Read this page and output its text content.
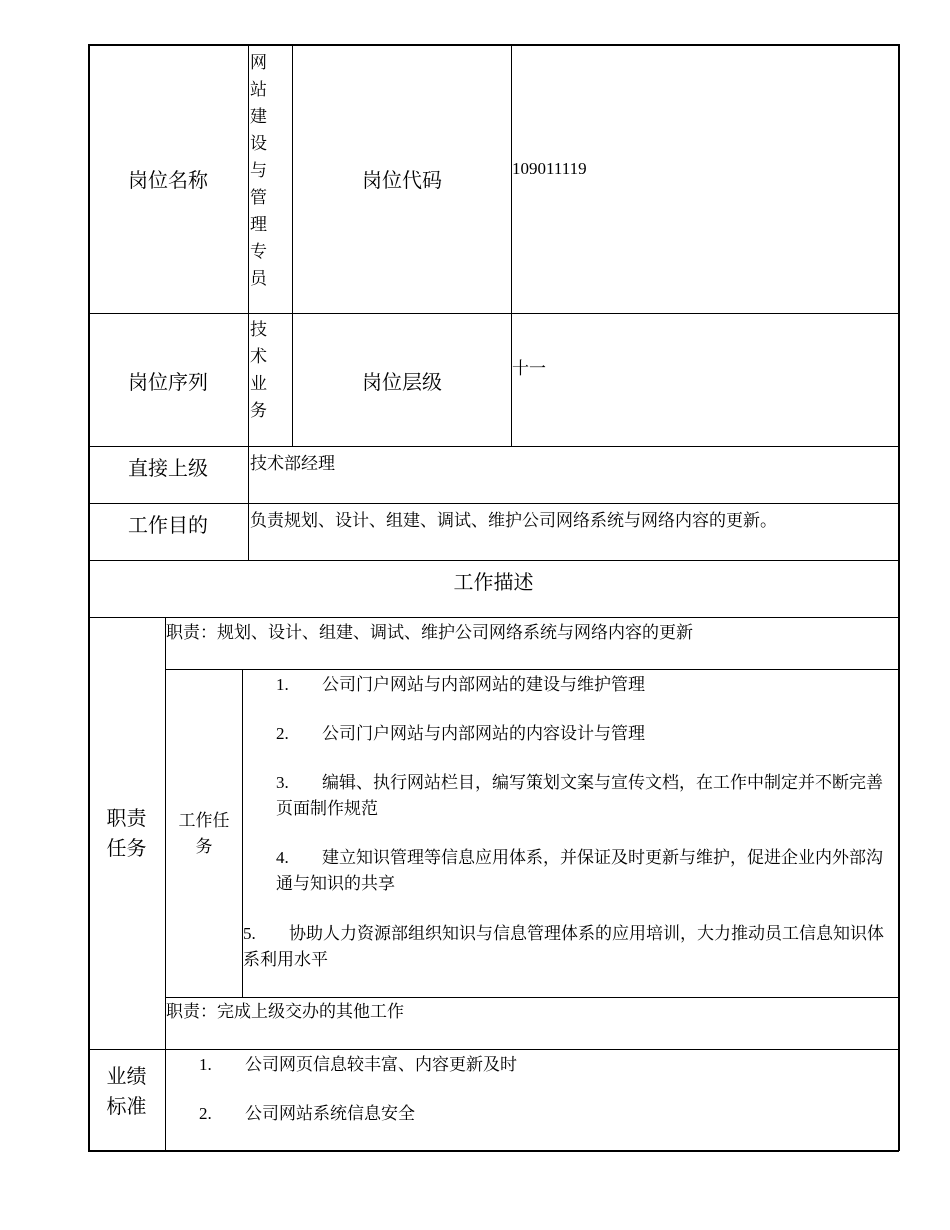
岗位名称
网站建设与管理专员
岗位代码
109011119
岗位序列
技术业务
岗位层级
十一
直接上级	技术部经理
工作目的	负责规划、设计、组建、调试、维护公司网络系统与网络内容的更新。
工作描述
职责任务
职责：规划、设计、组建、调试、维护公司网络系统与网络内容的更新
工作任务
1. 公司门户网站与内部网站的建设与维护管理
2. 公司门户网站与内部网站的内容设计与管理
3. 编辑、执行网站栏目，编写策划文案与宣传文档，在工作中制定并不断完善页面制作规范
4. 建立知识管理等信息应用体系，并保证及时更新与维护，促进企业内外部沟通与知识的共享
5. 协助人力资源部组织知识与信息管理体系的应用培训，大力推动员工信息知识体系利用水平
职责：完成上级交办的其他工作
业绩标准
1. 公司网页信息较丰富、内容更新及时
2. 公司网站系统信息安全
